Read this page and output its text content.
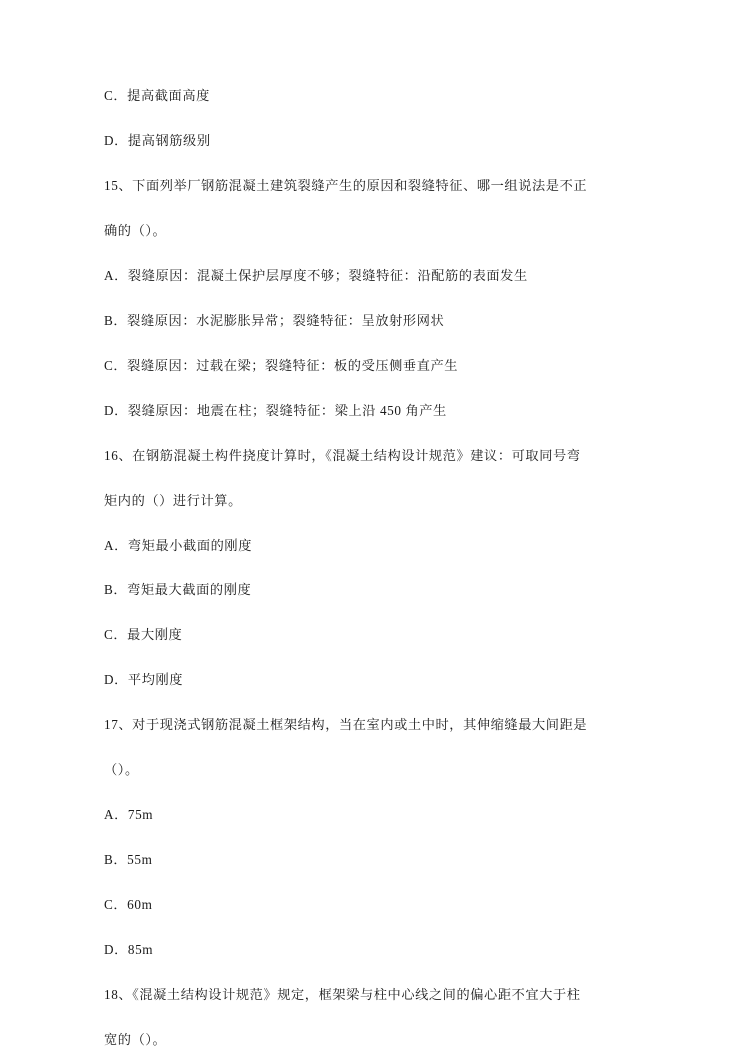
C．提高截面高度

D．提高钢筋级别

15、下面列举厂钢筋混凝土建筑裂缝产生的原因和裂缝特征、哪一组说法是不正

确的（）。

A．裂缝原因：混凝土保护层厚度不够；裂缝特征：沿配筋的表面发生

B．裂缝原因：水泥膨胀异常；裂缝特征：呈放射形网状

C．裂缝原因：过载在梁；裂缝特征：板的受压侧垂直产生

D．裂缝原因：地震在柱；裂缝特征：梁上沿 450 角产生

16、在钢筋混凝土构件挠度计算时，《混凝土结构设计规范》建议：可取同号弯

矩内的（）进行计算。

A．弯矩最小截面的刚度

B．弯矩最大截面的刚度

C．最大刚度

D．平均刚度

17、对于现浇式钢筋混凝土框架结构，当在室内或土中时，其伸缩缝最大间距是

（）。

A．75m

B．55m

C．60m

D．85m

18、《混凝土结构设计规范》规定，框架梁与柱中心线之间的偏心距不宜大于柱

宽的（）。
